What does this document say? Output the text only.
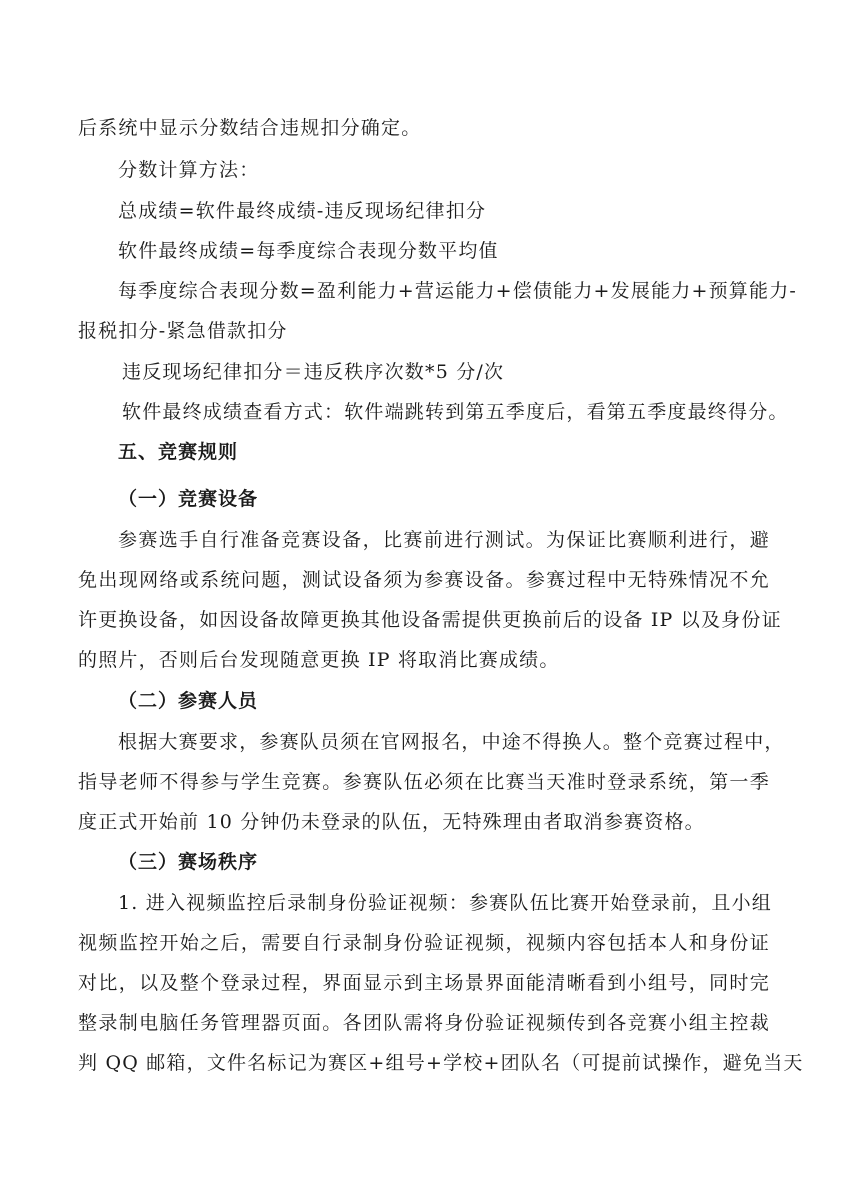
后系统中显示分数结合违规扣分确定。
分数计算方法：
总成绩=软件最终成绩-违反现场纪律扣分
软件最终成绩=每季度综合表现分数平均值
每季度综合表现分数=盈利能力+营运能力+偿债能力+发展能力+预算能力-
报税扣分-紧急借款扣分
违反现场纪律扣分＝违反秩序次数*5 分/次
软件最终成绩查看方式：软件端跳转到第五季度后，看第五季度最终得分。
五、竞赛规则
（一）竞赛设备
参赛选手自行准备竞赛设备，比赛前进行测试。为保证比赛顺利进行，避
免出现网络或系统问题，测试设备须为参赛设备。参赛过程中无特殊情况不允
许更换设备，如因设备故障更换其他设备需提供更换前后的设备 IP 以及身份证
的照片，否则后台发现随意更换 IP 将取消比赛成绩。
（二）参赛人员
根据大赛要求，参赛队员须在官网报名，中途不得换人。整个竞赛过程中，
指导老师不得参与学生竞赛。参赛队伍必须在比赛当天准时登录系统，第一季
度正式开始前 10 分钟仍未登录的队伍，无特殊理由者取消参赛资格。
（三）赛场秩序
1. 进入视频监控后录制身份验证视频：参赛队伍比赛开始登录前，且小组
视频监控开始之后，需要自行录制身份验证视频，视频内容包括本人和身份证
对比，以及整个登录过程，界面显示到主场景界面能清晰看到小组号，同时完
整录制电脑任务管理器页面。各团队需将身份验证视频传到各竞赛小组主控裁
判 QQ 邮箱，文件名标记为赛区+组号+学校+团队名（可提前试操作，避免当天
